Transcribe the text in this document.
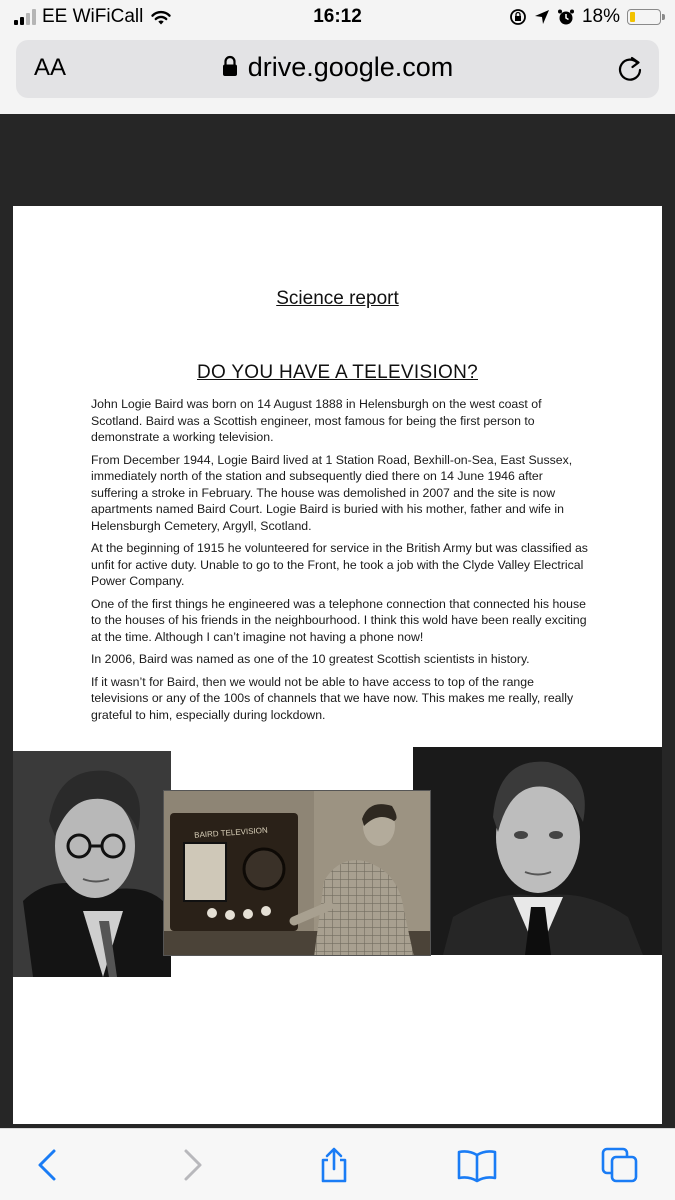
EE WiFiCall	16:12	18%
AA	drive.google.com
Science report
DO YOU HAVE A TELEVISION?

John Logie Baird was born on 14 August 1888 in Helensburgh on the west coast of Scotland. Baird was a Scottish engineer, most famous for being the first person to demonstrate a working television.

From December 1944, Logie Baird lived at 1 Station Road, Bexhill-on-Sea, East Sussex, immediately north of the station and subsequently died there on 14 June 1946 after suffering a stroke in February. The house was demolished in 2007 and the site is now apartments named Baird Court. Logie Baird is buried with his mother, father and wife in Helensburgh Cemetery, Argyll, Scotland.

At the beginning of 1915 he volunteered for service in the British Army but was classified as unfit for active duty. Unable to go to the Front, he took a job with the Clyde Valley Electrical Power Company.

One of the first things he engineered was a telephone connection that connected his house to the houses of his friends in the neighbourhood. I think this wold have been really exciting at the time. Although I can’t imagine not having a phone now!

In 2006, Baird was named as one of the 10 greatest Scottish scientists in history.

If it wasn’t for Baird, then we would not be able to have access to top of the range televisions or any of the 100s of channels that we have now. This makes me really, really grateful to him, especially during lockdown.

BAIRD TELEVISION
